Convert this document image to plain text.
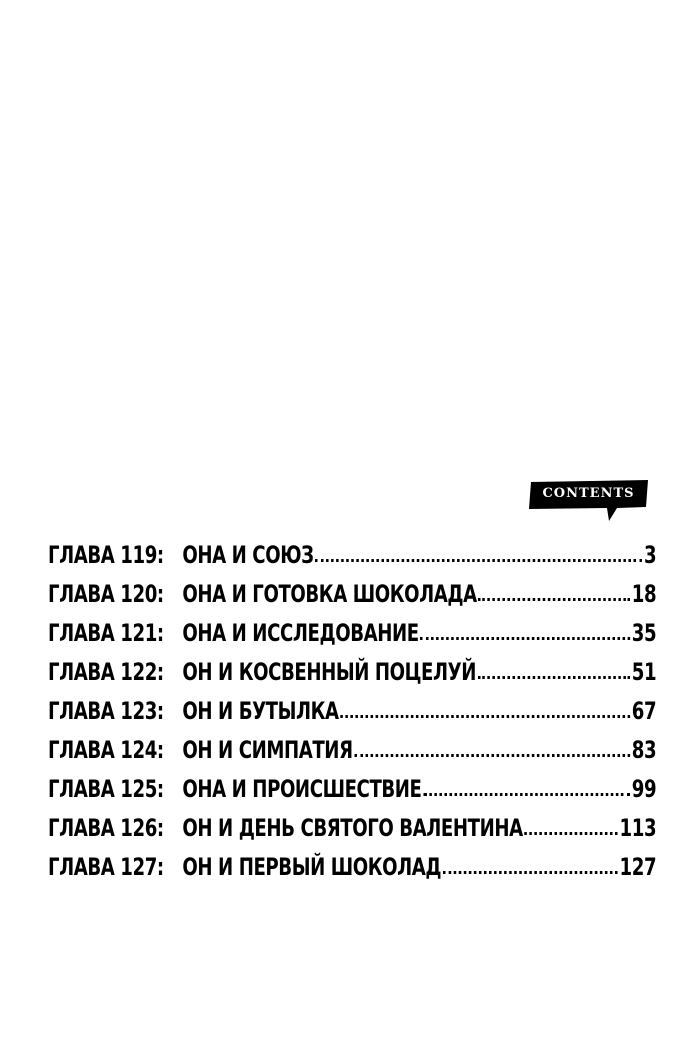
CONTENTS
ГЛАВА 119: ОНА И СОЮЗ	3
ГЛАВА 120: ОНА И ГОТОВКА ШОКОЛАДА	18
ГЛАВА 121: ОНА И ИССЛЕДОВАНИЕ	35
ГЛАВА 122: ОН И КОСВЕННЫЙ ПОЦЕЛУЙ	51
ГЛАВА 123: ОН И БУТЫЛКА	67
ГЛАВА 124: ОН И СИМПАТИЯ	83
ГЛАВА 125: ОНА И ПРОИСШЕСТВИЕ	99
ГЛАВА 126: ОН И ДЕНЬ СВЯТОГО ВАЛЕНТИНА	113
ГЛАВА 127: ОН И ПЕРВЫЙ ШОКОЛАД	127
